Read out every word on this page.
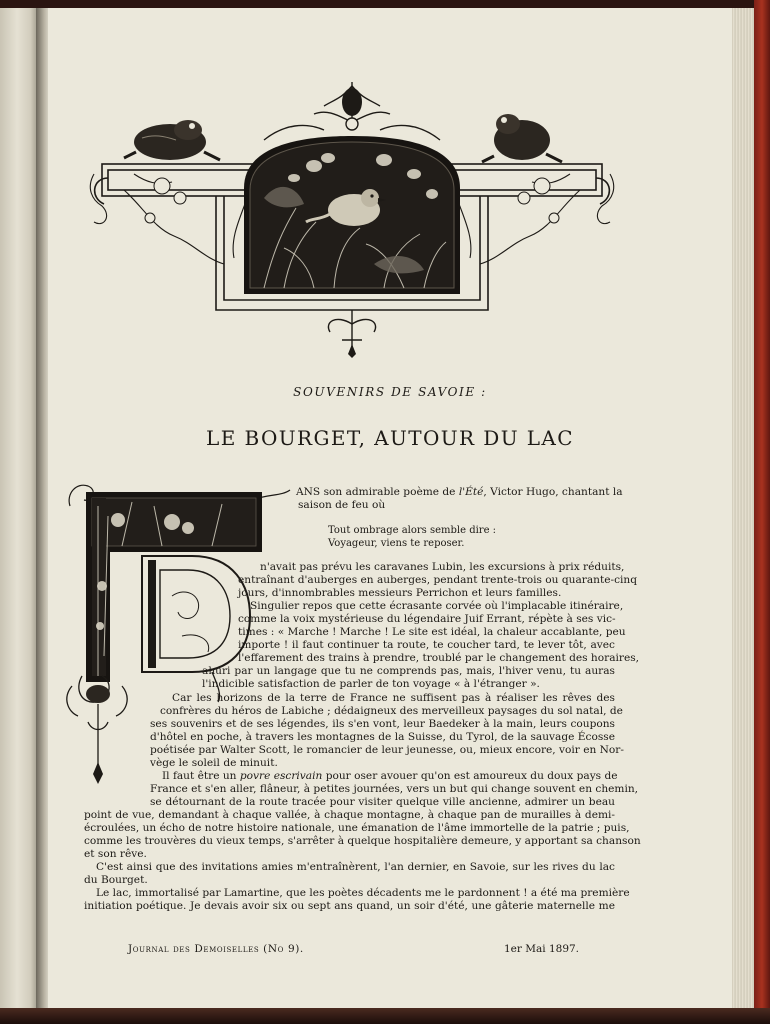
SOUVENIRS DE SAVOIE :
LE BOURGET, AUTOUR DU LAC
ANS son admirable poème de l'Été, Victor Hugo, chantant la
saison de feu où
Tout ombrage alors semble dire :
Voyageur, viens te reposer.
n'avait pas prévu les caravanes Lubin, les excursions à prix réduits,
entraînant d'auberges en auberges, pendant trente-trois ou quarante-cinq
jours, d'innombrables messieurs Perrichon et leurs familles.
Singulier repos que cette écrasante corvée où l'implacable itinéraire,
comme la voix mystérieuse du légendaire Juif Errant, répète à ses vic-
times : « Marche ! Marche ! Le site est idéal, la chaleur accablante, peu
importe ! il faut continuer ta route, te coucher tard, te lever tôt, avec
l'effarement des trains à prendre, troublé par le changement des horaires,
ahuri par un langage que tu ne comprends pas, mais, l'hiver venu, tu auras
l'indicible satisfaction de parler de ton voyage « à l'étranger ».
Car les horizons de la terre de France ne suffisent pas à réaliser les rêves des
confrères du héros de Labiche ; dédaigneux des merveilleux paysages du sol natal, de
ses souvenirs et de ses légendes, ils s'en vont, leur Baedeker à la main, leurs coupons
d'hôtel en poche, à travers les montagnes de la Suisse, du Tyrol, de la sauvage Écosse
poétisée par Walter Scott, le romancier de leur jeunesse, ou, mieux encore, voir en Nor-
vège le soleil de minuit.
Il faut être un povre escrivain pour oser avouer qu'on est amoureux du doux pays de
France et s'en aller, flâneur, à petites journées, vers un but qui change souvent en chemin,
se détournant de la route tracée pour visiter quelque ville ancienne, admirer un beau
point de vue, demandant à chaque vallée, à chaque montagne, à chaque pan de murailles à demi-
écroulées, un écho de notre histoire nationale, une émanation de l'âme immortelle de la patrie ; puis,
comme les trouvères du vieux temps, s'arrêter à quelque hospitalière demeure, y apportant sa chanson
et son rêve.
C'est ainsi que des invitations amies m'entraînèrent, l'an dernier, en Savoie, sur les rives du lac
du Bourget.
Le lac, immortalisé par Lamartine, que les poètes décadents me le pardonnent ! a été ma première
initiation poétique. Je devais avoir six ou sept ans quand, un soir d'été, une gâterie maternelle me
Journal des Demoiselles (No 9).	1er Mai 1897.
